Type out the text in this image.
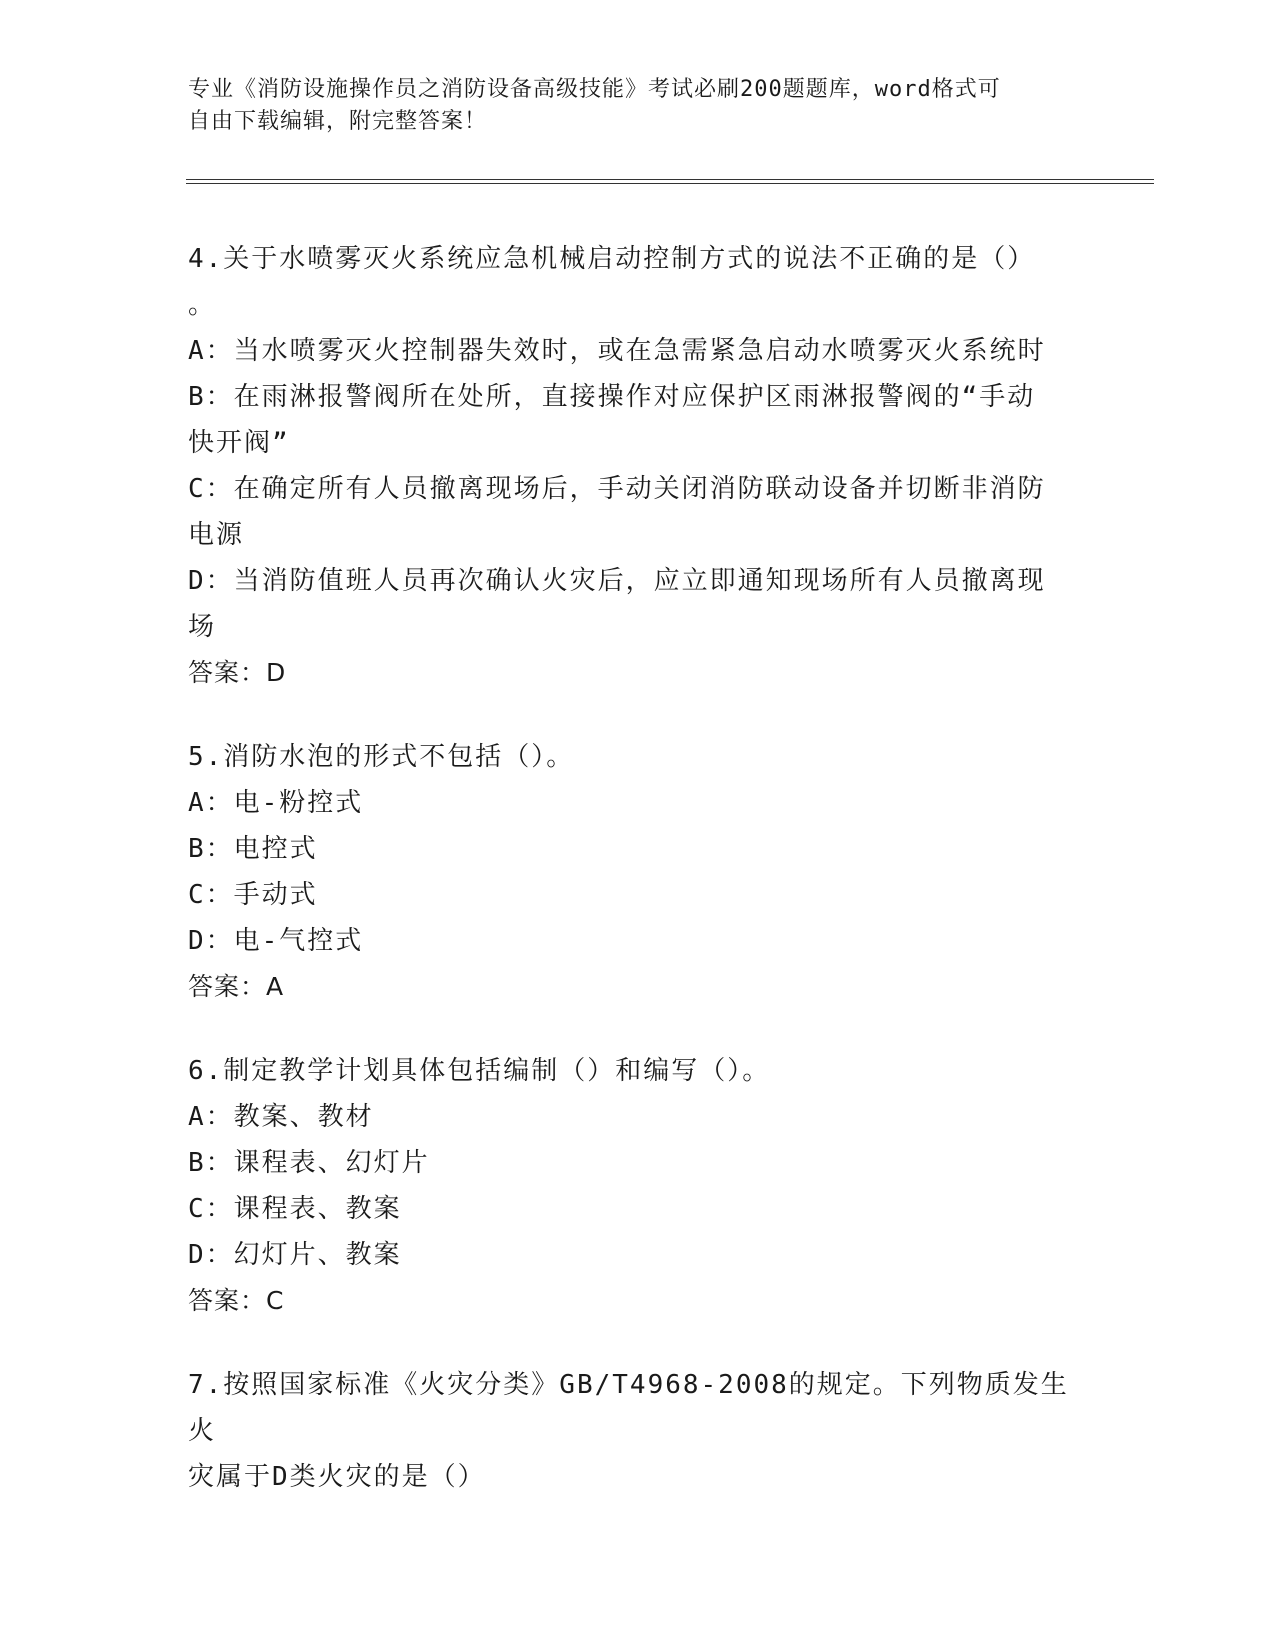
专业《消防设施操作员之消防设备高级技能》考试必刷200题题库，word格式可
自由下载编辑，附完整答案！
4.关于水喷雾灭火系统应急机械启动控制方式的说法不正确的是（）
。
A：当水喷雾灭火控制器失效时，或在急需紧急启动水喷雾灭火系统时
B：在雨淋报警阀所在处所，直接操作对应保护区雨淋报警阀的“手动
快开阀”
C：在确定所有人员撤离现场后，手动关闭消防联动设备并切断非消防
电源
D：当消防值班人员再次确认火灾后，应立即通知现场所有人员撤离现
场
答案：D
5.消防水泡的形式不包括（）。
A：电-粉控式
B：电控式
C：手动式
D：电-气控式
答案：A
6.制定教学计划具体包括编制（）和编写（）。
A：教案、教材
B：课程表、幻灯片
C：课程表、教案
D：幻灯片、教案
答案：C
7.按照国家标准《火灾分类》GB/T4968-2008的规定。下列物质发生火
灾属于D类火灾的是（）
